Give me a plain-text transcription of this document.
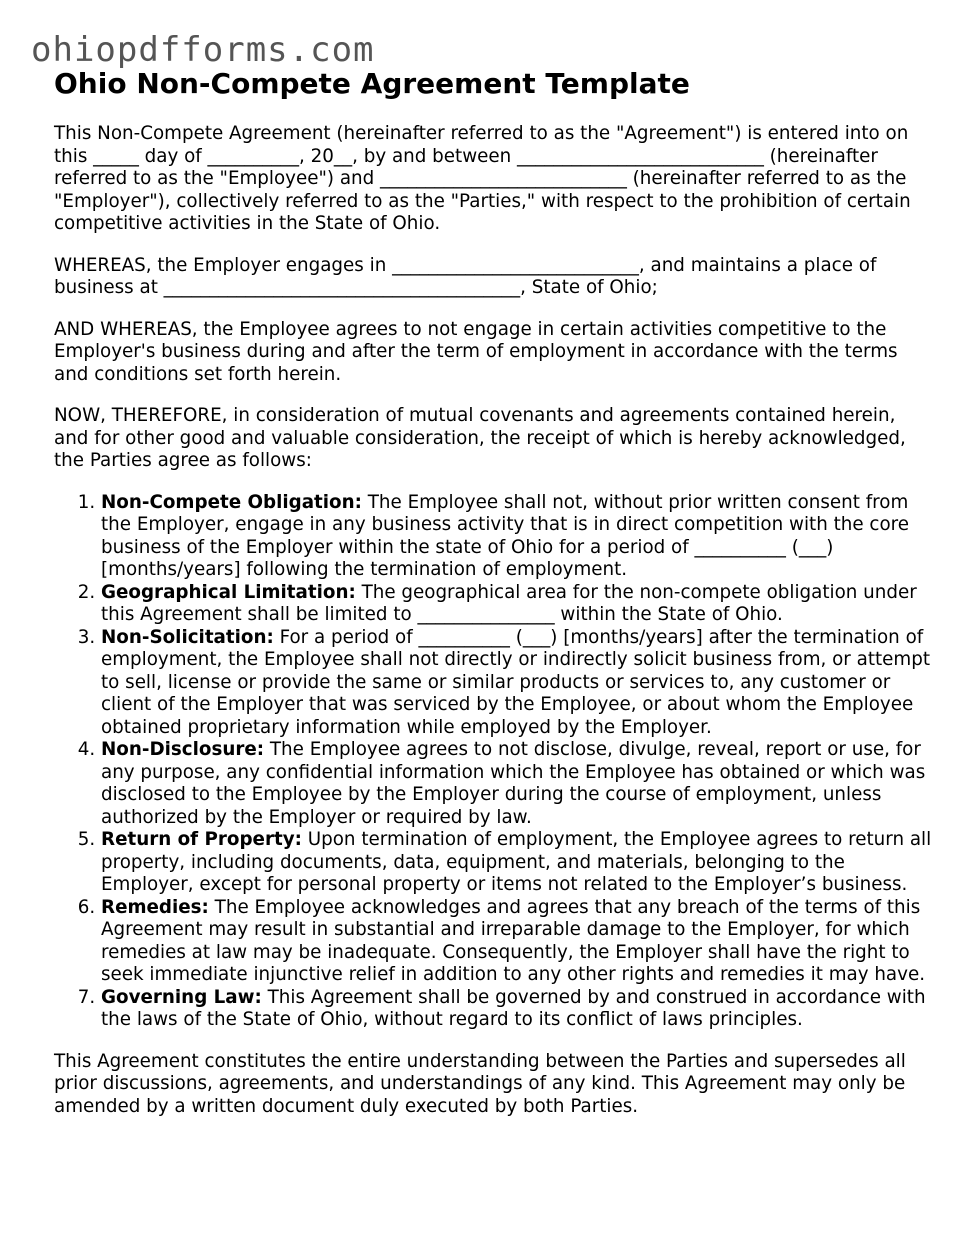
ohiopdfforms.com
Ohio Non-Compete Agreement Template

This Non-Compete Agreement (hereinafter referred to as the "Agreement") is entered into on this _____ day of __________, 20__, by and between ___________________________ (hereinafter referred to as the "Employee") and ___________________________ (hereinafter referred to as the "Employer"), collectively referred to as the "Parties," with respect to the prohibition of certain competitive activities in the State of Ohio.

WHEREAS, the Employer engages in ___________________________, and maintains a place of business at _______________________________________, State of Ohio;

AND WHEREAS, the Employee agrees to not engage in certain activities competitive to the Employer's business during and after the term of employment in accordance with the terms and conditions set forth herein.

NOW, THEREFORE, in consideration of mutual covenants and agreements contained herein, and for other good and valuable consideration, the receipt of which is hereby acknowledged, the Parties agree as follows:

1. Non-Compete Obligation: The Employee shall not, without prior written consent from the Employer, engage in any business activity that is in direct competition with the core business of the Employer within the state of Ohio for a period of __________ (___) [months/years] following the termination of employment.
2. Geographical Limitation: The geographical area for the non-compete obligation under this Agreement shall be limited to _______________ within the State of Ohio.
3. Non-Solicitation: For a period of __________ (___) [months/years] after the termination of employment, the Employee shall not directly or indirectly solicit business from, or attempt to sell, license or provide the same or similar products or services to, any customer or client of the Employer that was serviced by the Employee, or about whom the Employee obtained proprietary information while employed by the Employer.
4. Non-Disclosure: The Employee agrees to not disclose, divulge, reveal, report or use, for any purpose, any confidential information which the Employee has obtained or which was disclosed to the Employee by the Employer during the course of employment, unless authorized by the Employer or required by law.
5. Return of Property: Upon termination of employment, the Employee agrees to return all property, including documents, data, equipment, and materials, belonging to the Employer, except for personal property or items not related to the Employer’s business.
6. Remedies: The Employee acknowledges and agrees that any breach of the terms of this Agreement may result in substantial and irreparable damage to the Employer, for which remedies at law may be inadequate. Consequently, the Employer shall have the right to seek immediate injunctive relief in addition to any other rights and remedies it may have.
7. Governing Law: This Agreement shall be governed by and construed in accordance with the laws of the State of Ohio, without regard to its conflict of laws principles.

This Agreement constitutes the entire understanding between the Parties and supersedes all prior discussions, agreements, and understandings of any kind. This Agreement may only be amended by a written document duly executed by both Parties.
